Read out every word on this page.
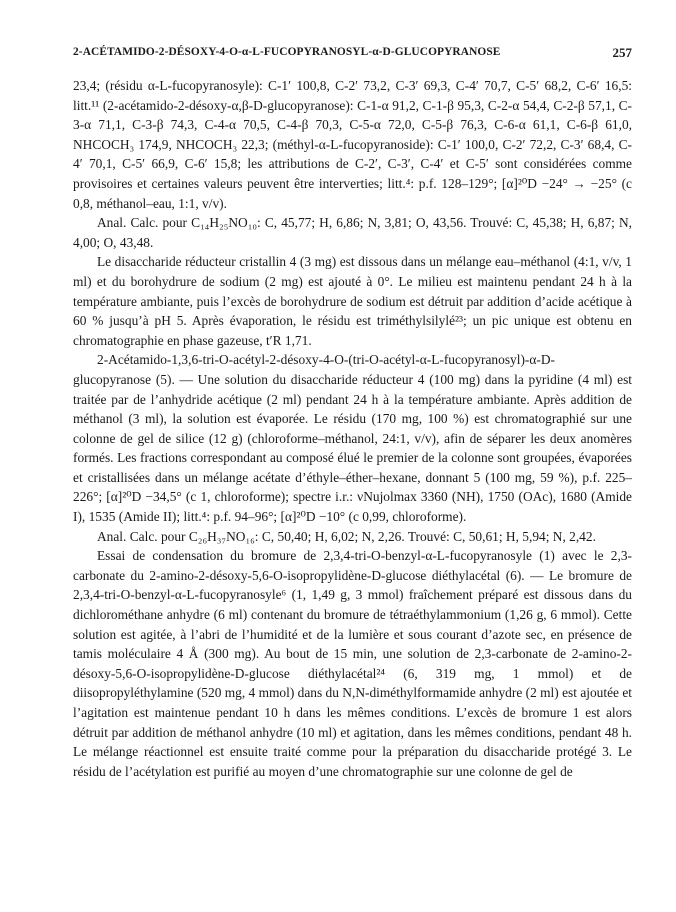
2-ACÉTAMIDO-2-DÉSOXY-4-O-α-L-FUCOPYRANOSYL-α-D-GLUCOPYRANOSE	257

23,4; (résidu α-L-fucopyranosyle): C-1′ 100,8, C-2′ 73,2, C-3′ 69,3, C-4′ 70,7, C-5′ 68,2, C-6′ 16,5: litt.¹¹ (2-acétamido-2-désoxy-α,β-D-glucopyranose): C-1-α 91,2, C-1-β 95,3, C-2-α 54,4, C-2-β 57,1, C-3-α 71,1, C-3-β 74,3, C-4-α 70,5, C-4-β 70,3, C-5-α 72,0, C-5-β 76,3, C-6-α 61,1, C-6-β 61,0, NHCOCH₃ 174,9, NHCOCH₃ 22,3; (méthyl-α-L-fucopyranoside): C-1′ 100,0, C-2′ 72,2, C-3′ 68,4, C-4′ 70,1, C-5′ 66,9, C-6′ 15,8; les attributions de C-2′, C-3′, C-4′ et C-5′ sont considérées comme provisoires et certaines valeurs peuvent être interverties; litt.⁴: p.f. 128–129°; [α]²⁰D −24° → −25° (c 0,8, méthanol–eau, 1:1, v/v).

Anal. Calc. pour C₁₄H₂₅NO₁₀: C, 45,77; H, 6,86; N, 3,81; O, 43,56. Trouvé: C, 45,38; H, 6,87; N, 4,00; O, 43,48.

Le disaccharide réducteur cristallin 4 (3 mg) est dissous dans un mélange eau–méthanol (4:1, v/v, 1 ml) et du borohydrure de sodium (2 mg) est ajouté à 0°. Le milieu est maintenu pendant 24 h à la température ambiante, puis l’excès de borohydrure de sodium est détruit par addition d’acide acétique à 60 % jusqu’à pH 5. Après évaporation, le résidu est triméthylsilylé²³; un pic unique est obtenu en chromatographie en phase gazeuse, t′R 1,71.

2-Acétamido-1,3,6-tri-O-acétyl-2-désoxy-4-O-(tri-O-acétyl-α-L-fucopyranosyl)-α-D-glucopyranose (5). — Une solution du disaccharide réducteur 4 (100 mg) dans la pyridine (4 ml) est traitée par de l’anhydride acétique (2 ml) pendant 24 h à la température ambiante. Après addition de méthanol (3 ml), la solution est évaporée. Le résidu (170 mg, 100 %) est chromatographié sur une colonne de gel de silice (12 g) (chloroforme–méthanol, 24:1, v/v), afin de séparer les deux anomères formés. Les fractions correspondant au composé élué le premier de la colonne sont groupées, évaporées et cristallisées dans un mélange acétate d’éthyle–éther–hexane, donnant 5 (100 mg, 59 %), p.f. 225–226°; [α]²⁰D −34,5° (c 1, chloroforme); spectre i.r.: νNujolmax 3360 (NH), 1750 (OAc), 1680 (Amide I), 1535 (Amide II); litt.⁴: p.f. 94–96°; [α]²⁰D −10° (c 0,99, chloroforme).

Anal. Calc. pour C₂₆H₃₇NO₁₆: C, 50,40; H, 6,02; N, 2,26. Trouvé: C, 50,61; H, 5,94; N, 2,42.

Essai de condensation du bromure de 2,3,4-tri-O-benzyl-α-L-fucopyranosyle (1) avec le 2,3-carbonate du 2-amino-2-désoxy-5,6-O-isopropylidène-D-glucose diéthylacétal (6). — Le bromure de 2,3,4-tri-O-benzyl-α-L-fucopyranosyle⁶ (1, 1,49 g, 3 mmol) fraîchement préparé est dissous dans du dichlorométhane anhydre (6 ml) contenant du bromure de tétraéthylammonium (1,26 g, 6 mmol). Cette solution est agitée, à l’abri de l’humidité et de la lumière et sous courant d’azote sec, en présence de tamis moléculaire 4 Å (300 mg). Au bout de 15 min, une solution de 2,3-carbonate de 2-amino-2-désoxy-5,6-O-isopropylidène-D-glucose diéthylacétal²⁴ (6, 319 mg, 1 mmol) et de diisopropyléthylamine (520 mg, 4 mmol) dans du N,N-diméthylformamide anhydre (2 ml) est ajoutée et l’agitation est maintenue pendant 10 h dans les mêmes conditions. L’excès de bromure 1 est alors détruit par addition de méthanol anhydre (10 ml) et agitation, dans les mêmes conditions, pendant 48 h. Le mélange réactionnel est ensuite traité comme pour la préparation du disaccharide protégé 3. Le résidu de l’acétylation est purifié au moyen d’une chromatographie sur une colonne de gel de
